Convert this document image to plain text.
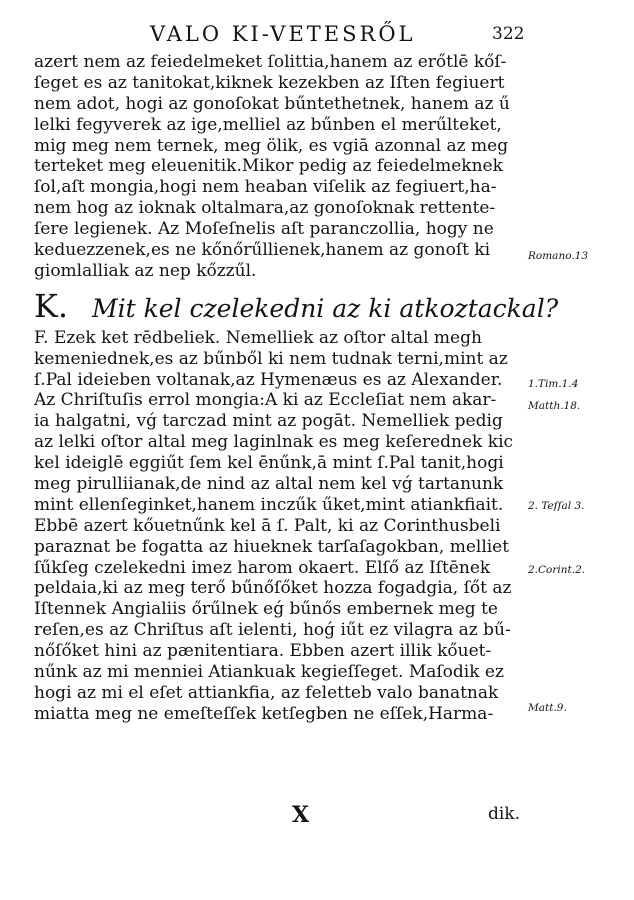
VALO KI-VETESRŐL	322
azert nem az feiedelmeket ſolittia,hanem az erőtlē kőſ-
ſeget es az tanitokat,kiknek kezekben az Iſten fegiuert
nem adot, hogi az gonoſokat bűntethetnek, hanem az ű
lelki fegyverek az ige,melliel az bűnben el merűlteket,
mig meg nem ternek, meg ölik, es vgiā azonnal az meg
terteket meg eleuenitik.Mikor pedig az feiedelmeknek
ſol,aſt mongia,hogi nem heaban viſelik az fegiuert,ha-
nem hog az ioknak oltalmara,az gonoſoknak rettente-
ſere legienek. Az Moſeſnelis aſt paranczollia, hogy ne
keduezzenek,es ne kőnőrűllienek,hanem az gonoſt ki
giomlalliak az nep kőzzűl.
K. Mit kel czelekedni az ki atkoztackal?
F. Ezek ket rēdbeliek. Nemelliek az oſtor altal megh
kemeniednek,es az bűnből ki nem tudnak terni,mint az
ſ.Pal ideieben voltanak,az Hymenæus es az Alexander.
Az Chriſtuſis errol mongia:A ki az Eccleſiat nem akar-
ia halgatni, vǵ tarczad mint az pogāt. Nemelliek pedig
az lelki oſtor altal meg laginlnak es meg keſerednek kic
kel ideiglē eggiűt ſem kel ēnűnk,ā mint ſ.Pal tanit,hogi
meg pirulliianak,de nind az altal nem kel vǵ tartanunk
mint ellenſeginket,hanem inczűk űket,mint atiankfiait.
Ebbē azert kőuetnűnk kel ā ſ. Palt, ki az Corinthusbeli
paraznat be fogatta az hiueknek tarſaſagokban, melliet
ſűkſeg czelekedni imez harom okaert. Elſő az Iſtēnek
peldaia,ki az meg terő bűnőſőket hozza fogadgia, ſőt az
Iſtennek Angialiis őrűlnek eǵ bűnős embernek meg te
reſen,es az Chriſtus aſt ielenti, hoǵ iűt ez vilagra az bű-
nőſőket hini az pænitentiara. Ebben azert illik kőuet-
nűnk az mi menniei Atiankuak kegieſſeget. Maſodik ez
hogi az mi el eſet attiankfia, az feletteb valo banatnak
miatta meg ne emeſteſſek ketſegben ne eſſek,Harma-
Romano.13
1.Tim.1.4
Matth.18.
2. Teſſal 3.
2.Corint.2.
Matt.9.
X	dik.
